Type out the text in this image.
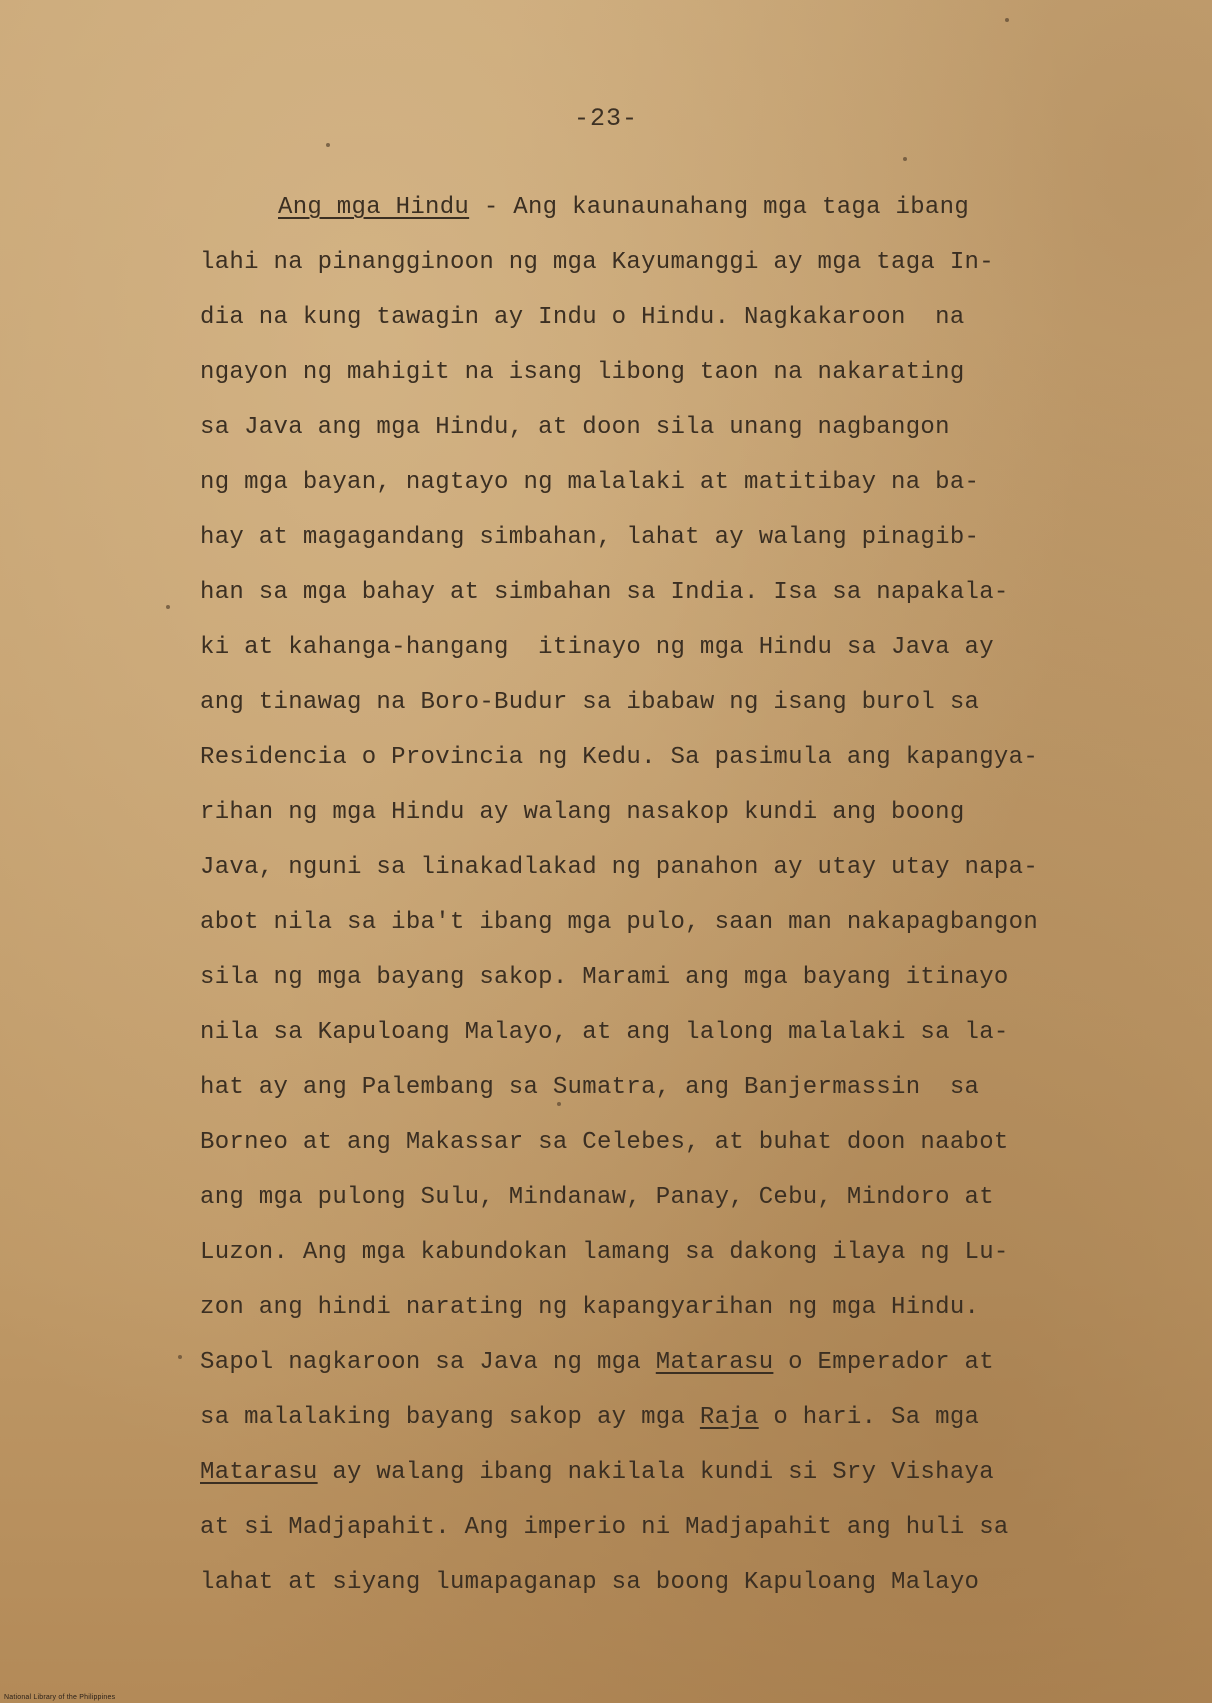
-23-
Ang mga Hindu - Ang kaunaunahang mga taga ibang
lahi na pinangginoon ng mga Kayumanggi ay mga taga In-
dia na kung tawagin ay Indu o Hindu. Nagkakaroon  na
ngayon ng mahigit na isang libong taon na nakarating
sa Java ang mga Hindu, at doon sila unang nagbangon
ng mga bayan, nagtayo ng malalaki at matitibay na ba-
hay at magagandang simbahan, lahat ay walang pinagib-
han sa mga bahay at simbahan sa India. Isa sa napakala-
ki at kahanga-hangang  itinayo ng mga Hindu sa Java ay
ang tinawag na Boro-Budur sa ibabaw ng isang burol sa
Residencia o Provincia ng Kedu. Sa pasimula ang kapangya-
rihan ng mga Hindu ay walang nasakop kundi ang boong
Java, nguni sa linakadlakad ng panahon ay utay utay napa-
abot nila sa iba't ibang mga pulo, saan man nakapagbangon
sila ng mga bayang sakop. Marami ang mga bayang itinayo
nila sa Kapuloang Malayo, at ang lalong malalaki sa la-
hat ay ang Palembang sa Sumatra, ang Banjermassin  sa
Borneo at ang Makassar sa Celebes, at buhat doon naabot
ang mga pulong Sulu, Mindanaw, Panay, Cebu, Mindoro at
Luzon. Ang mga kabundokan lamang sa dakong ilaya ng Lu-
zon ang hindi narating ng kapangyarihan ng mga Hindu.
Sapol nagkaroon sa Java ng mga Matarasu o Emperador at
sa malalaking bayang sakop ay mga Raja o hari. Sa mga
Matarasu ay walang ibang nakilala kundi si Sry Vishaya
at si Madjapahit. Ang imperio ni Madjapahit ang huli sa
lahat at siyang lumapaganap sa boong Kapuloang Malayo
National Library of the Philippines
